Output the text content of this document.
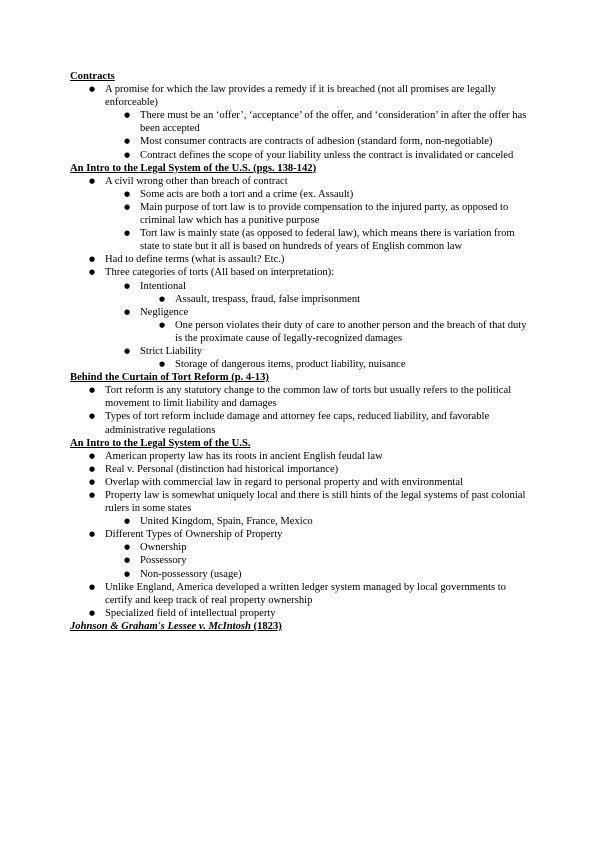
Contracts
● A promise for which the law provides a remedy if it is breached (not all promises are legally enforceable)
● There must be an ‘offer’, ‘acceptance’ of the offer, and ‘consideration’ in after the offer has been accepted
● Most consumer contracts are contracts of adhesion (standard form, non-negotiable)
● Contract defines the scope of your liability unless the contract is invalidated or canceled
An Intro to the Legal System of the U.S. (pgs. 138-142)
● A civil wrong other than breach of contract
● Some acts are both a tort and a crime (ex. Assault)
● Main purpose of tort law is to provide compensation to the injured party, as opposed to criminal law which has a punitive purpose
● Tort law is mainly state (as opposed to federal law), which means there is variation from state to state but it all is based on hundreds of years of English common law
● Had to define terms (what is assault? Etc.)
● Three categories of torts (All based on interpretation):
● Intentional
● Assault, trespass, fraud, false imprisonment
● Negligence
● One person violates their duty of care to another person and the breach of that duty is the proximate cause of legally-recognized damages
● Strict Liability
● Storage of dangerous items, product liability, nuisance
Behind the Curtain of Tort Reform (p. 4-13)
● Tort reform is any statutory change to the common law of torts but usually refers to the political movement to limit liability and damages
● Types of tort reform include damage and attorney fee caps, reduced liability, and favorable administrative regulations
An Intro to the Legal System of the U.S.
● American property law has its roots in ancient English feudal law
● Real v. Personal (distinction had historical importance)
● Overlap with commercial law in regard to personal property and with environmental
● Property law is somewhat uniquely local and there is still hints of the legal systems of past colonial rulers in some states
● United Kingdom, Spain, France, Mexico
● Different Types of Ownership of Property
● Ownership
● Possessory
● Non-possessory (usage)
● Unlike England, America developed a written ledger system managed by local governments to certify and keep track of real property ownership
● Specialized field of intellectual property
Johnson & Graham's Lessee v. McIntosh (1823)
